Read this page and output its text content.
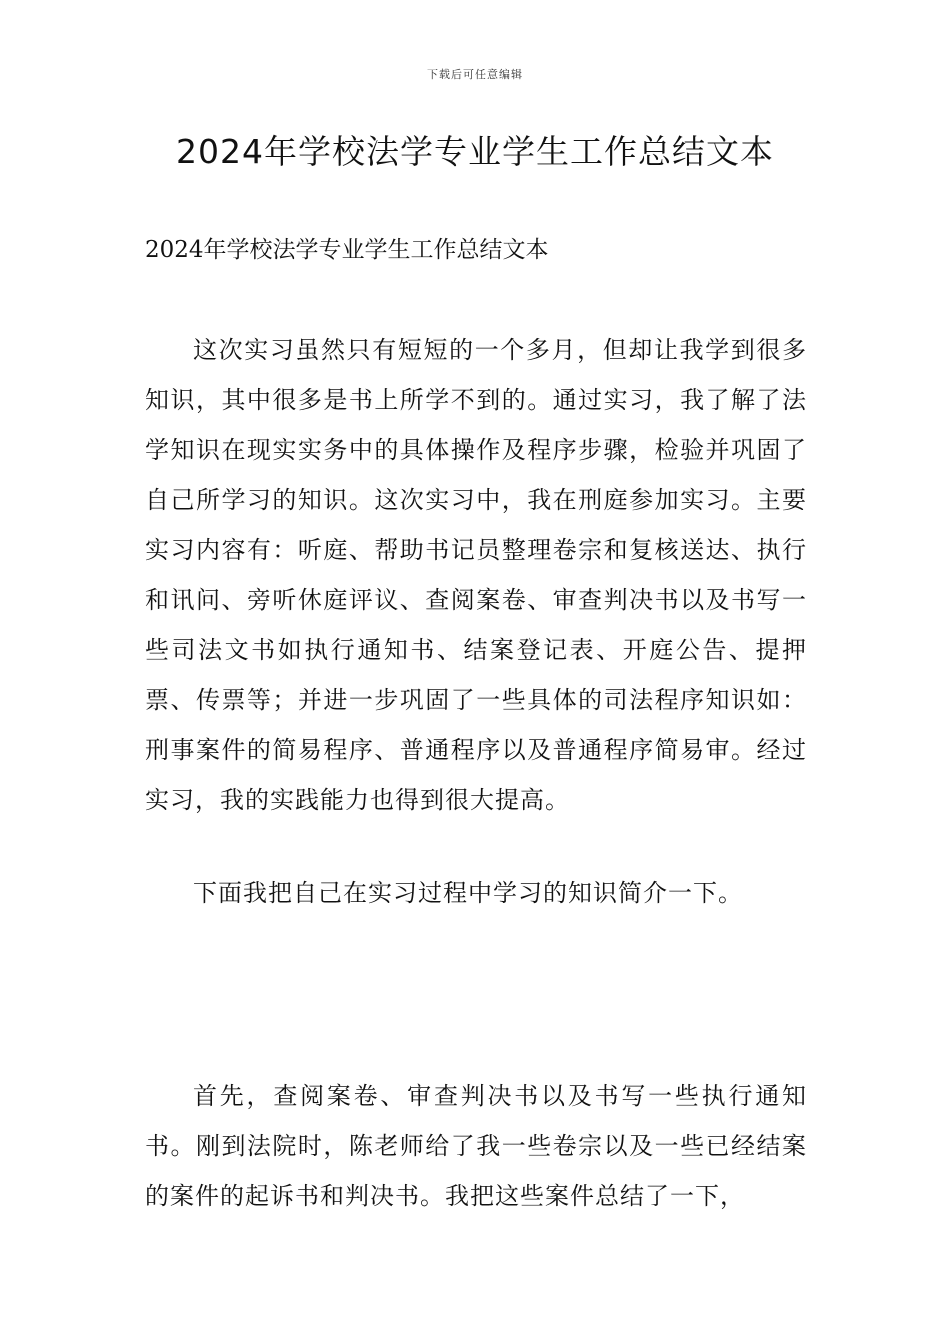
下载后可任意编辑
2024年学校法学专业学生工作总结文本
2024年学校法学专业学生工作总结文本

这次实习虽然只有短短的一个多月，但却让我学到很多知识，其中很多是书上所学不到的。通过实习，我了解了法学知识在现实实务中的具体操作及程序步骤，检验并巩固了自己所学习的知识。这次实习中，我在刑庭参加实习。主要实习内容有：听庭、帮助书记员整理卷宗和复核送达、执行和讯问、旁听休庭评议、查阅案卷、审查判决书以及书写一些司法文书如执行通知书、结案登记表、开庭公告、提押票、传票等；并进一步巩固了一些具体的司法程序知识如：刑事案件的简易程序、普通程序以及普通程序简易审。经过实习，我的实践能力也得到很大提高。

下面我把自己在实习过程中学习的知识简介一下。

首先，查阅案卷、审查判决书以及书写一些执行通知书。刚到法院时，陈老师给了我一些卷宗以及一些已经结案的案件的起诉书和判决书。我把这些案件总结了一下，
